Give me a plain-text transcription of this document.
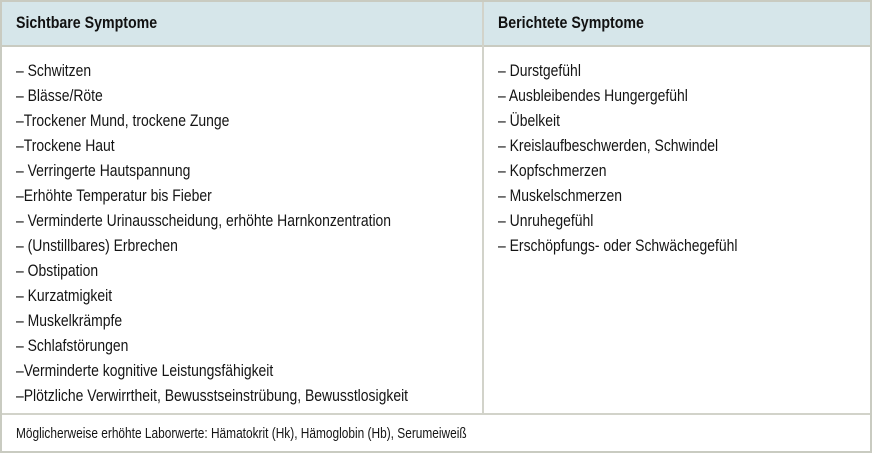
Sichtbare Symptome	Berichtete Symptome
– Schwitzen
– Blässe/Röte
–Trockener Mund, trockene Zunge
–Trockene Haut
– Verringerte Hautspannung
–Erhöhte Temperatur bis Fieber
– Verminderte Urinausscheidung, erhöhte Harnkonzentration
– (Unstillbares) Erbrechen
– Obstipation
– Kurzatmigkeit
– Muskelkrämpfe
– Schlafstörungen
–Verminderte kognitive Leistungsfähigkeit
–Plötzliche Verwirrtheit, Bewusstseinstrübung, Bewusstlosigkeit
– Durstgefühl
– Ausbleibendes Hungergefühl
– Übelkeit
– Kreislaufbeschwerden, Schwindel
– Kopfschmerzen
– Muskelschmerzen
– Unruhegefühl
– Erschöpfungs- oder Schwächegefühl
Möglicherweise erhöhte Laborwerte: Hämatokrit (Hk), Hämoglobin (Hb), Serumeiweiß
